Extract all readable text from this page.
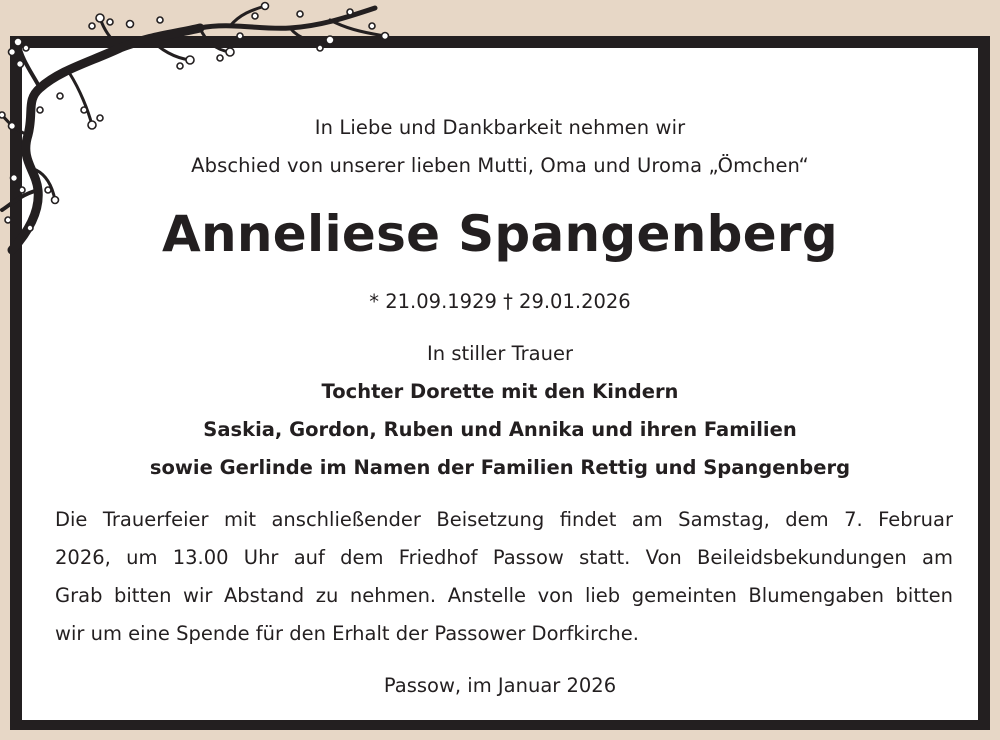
In Liebe und Dankbarkeit nehmen wir
Abschied von unserer lieben Mutti, Oma und Uroma „Ömchen“
Anneliese Spangenberg
* 21.09.1929 † 29.01.2026
In stiller Trauer
Tochter Dorette mit den Kindern
Saskia, Gordon, Ruben und Annika und ihren Familien
sowie Gerlinde im Namen der Familien Rettig und Spangenberg
Die Trauerfeier mit anschließender Beisetzung findet am Samstag, dem 7. Februar
2026, um 13.00 Uhr auf dem Friedhof Passow statt. Von Beileidsbekundungen am
Grab bitten wir Abstand zu nehmen. Anstelle von lieb gemeinten Blumengaben bitten
wir um eine Spende für den Erhalt der Passower Dorfkirche.
Passow, im Januar 2026
